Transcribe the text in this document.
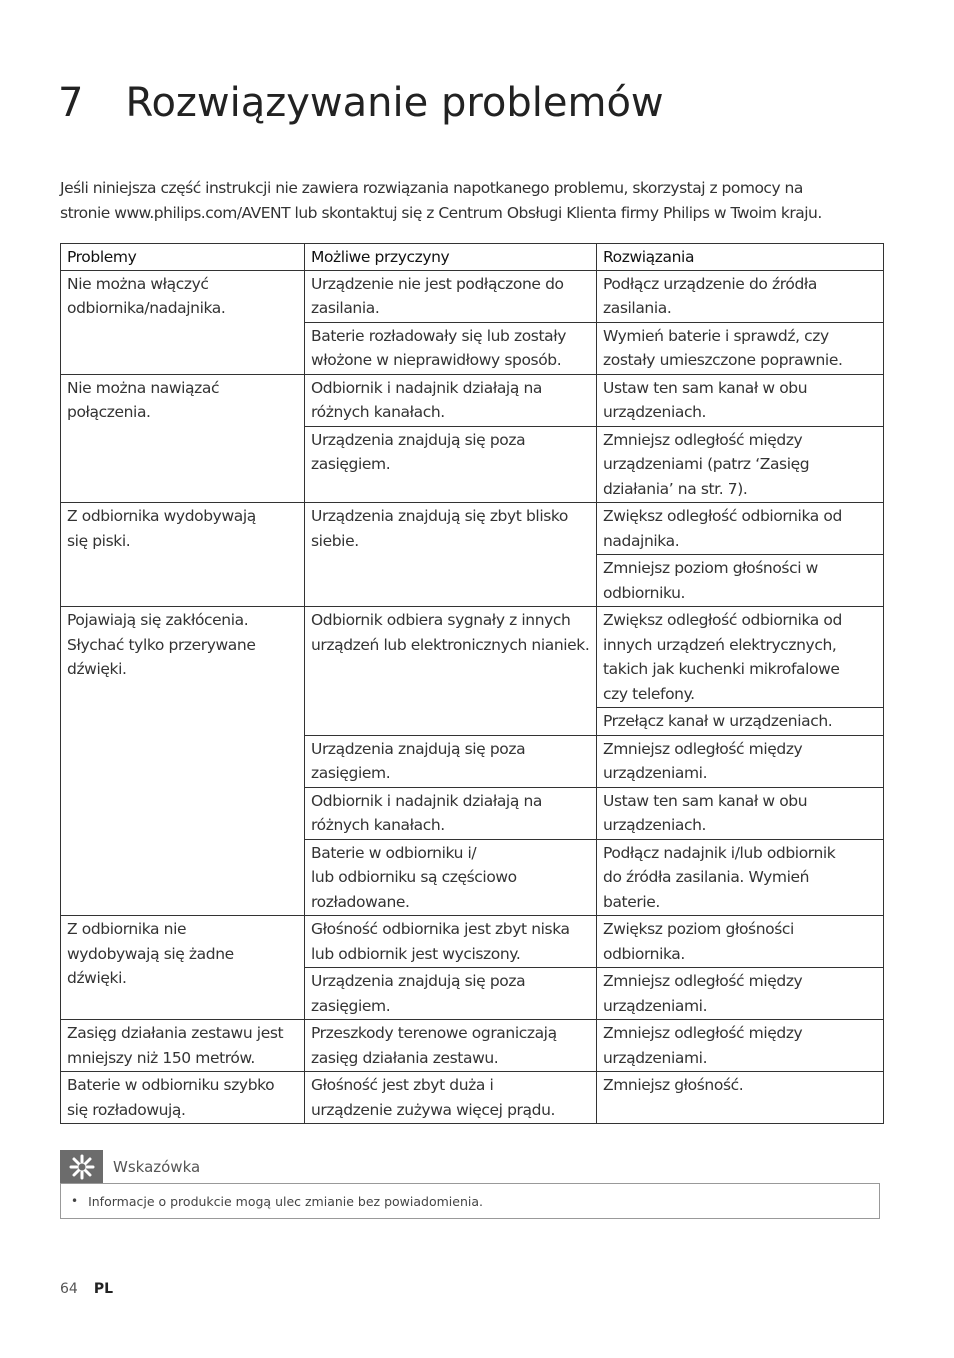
7 Rozwiązywanie problemów

Jeśli niniejsza część instrukcji nie zawiera rozwiązania napotkanego problemu, skorzystaj z pomocy na

stronie www.philips.com/AVENT lub skontaktuj się z Centrum Obsługi Klienta firmy Philips w Twoim kraju.

Problemy	Możliwe przyczyny	Rozwiązania

Nie można włączyć
odbiornika/nadajnika.	Urządzenie nie jest podłączone do
zasilania.	Podłącz urządzenie do źródła
zasilania.

	Baterie rozładowały się lub zostały
włożone w nieprawidłowy sposób.	Wymień baterie i sprawdź, czy
zostały umieszczone poprawnie.

Nie można nawiązać
połączenia.	Odbiornik i nadajnik działają na
różnych kanałach.	Ustaw ten sam kanał w obu
urządzeniach.

	Urządzenia znajdują się poza
zasięgiem.	Zmniejsz odległość między
urządzeniami (patrz ‘Zasięg
działania’ na str. 7).

Z odbiornika wydobywają
się piski.	Urządzenia znajdują się zbyt blisko
siebie.	Zwiększ odległość odbiornika od
nadajnika.

		Zmniejsz poziom głośności w
odbiorniku.

Pojawiają się zakłócenia.
Słychać tylko przerywane
dźwięki.	Odbiornik odbiera sygnały z innych
urządzeń lub elektronicznych nianiek.	Zwiększ odległość odbiornika od
innych urządzeń elektrycznych,
takich jak kuchenki mikrofalowe
czy telefony.

		Przełącz kanał w urządzeniach.

	Urządzenia znajdują się poza
zasięgiem.	Zmniejsz odległość między
urządzeniami.

	Odbiornik i nadajnik działają na
różnych kanałach.	Ustaw ten sam kanał w obu
urządzeniach.

	Baterie w odbiorniku i/
lub odbiorniku są częściowo
rozładowane.	Podłącz nadajnik i/lub odbiornik
do źródła zasilania. Wymień
baterie.

Z odbiornika nie
wydobywają się żadne
dźwięki.	Głośność odbiornika jest zbyt niska
lub odbiornik jest wyciszony.	Zwiększ poziom głośności
odbiornika.

	Urządzenia znajdują się poza
zasięgiem.	Zmniejsz odległość między
urządzeniami.

Zasięg działania zestawu jest
mniejszy niż 150 metrów.	Przeszkody terenowe ograniczają
zasięg działania zestawu.	Zmniejsz odległość między
urządzeniami.

Baterie w odbiorniku szybko
się rozładowują.	Głośność jest zbyt duża i
urządzenie zużywa więcej prądu.	Zmniejsz głośność.
Wskazówka
• Informacje o produkcie mogą ulec zmianie bez powiadomienia.
64 PL
